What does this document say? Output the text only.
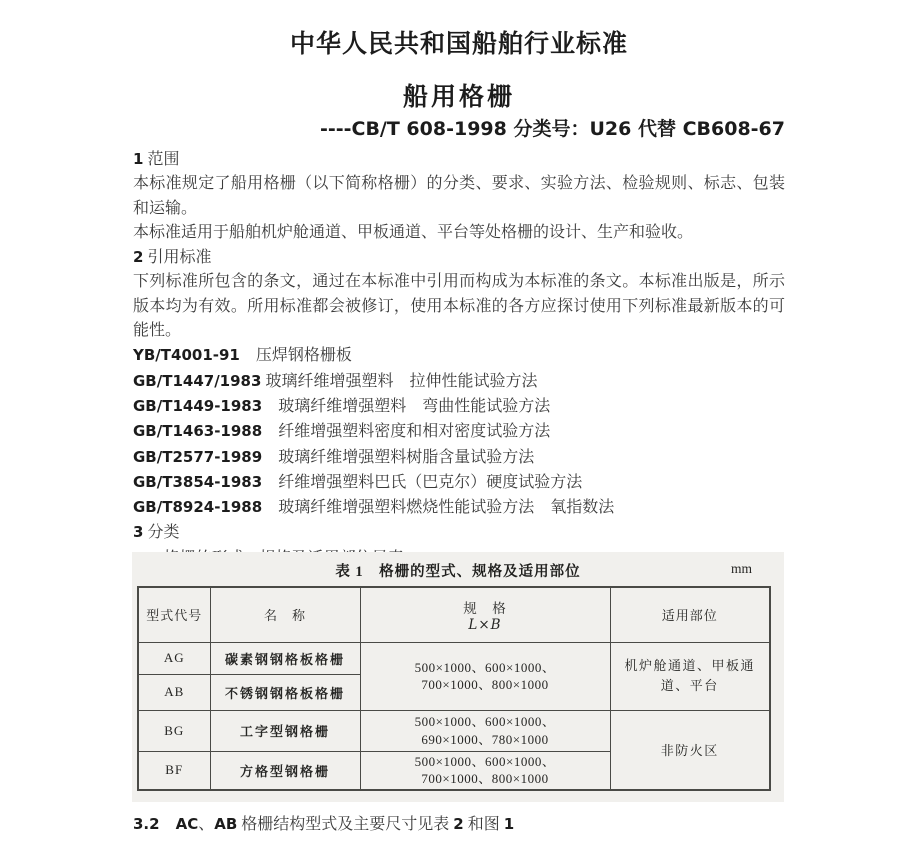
中华人民共和国船舶行业标准
船用格栅
----CB/T 608-1998 分类号：U26 代替 CB608-67
1 范围
本标准规定了船用格栅（以下简称格栅）的分类、要求、实验方法、检验规则、标志、包装和运输。
本标准适用于船舶机炉舱通道、甲板通道、平台等处格栅的设计、生产和验收。
2 引用标准
下列标准所包含的条文，通过在本标准中引用而构成为本标准的条文。本标准出版是，所示版本均为有效。所用标准都会被修订，使用本标准的各方应探讨使用下列标准最新版本的可能性。
YB/T4001-91　压焊钢格栅板
GB/T1447/1983 玻璃纤维增强塑料　拉伸性能试验方法
GB/T1449-1983　玻璃纤维增强塑料　弯曲性能试验方法
GB/T1463-1988　纤维增强塑料密度和相对密度试验方法
GB/T2577-1989　玻璃纤维增强塑料树脂含量试验方法
GB/T3854-1983　纤维增强塑料巴氏（巴克尔）硬度试验方法
GB/T8924-1988　玻璃纤维增强塑料燃烧性能试验方法　氧指数法
3 分类
表 1　格栅的型式、规格及适用部位	mm
型式代号	名　称	规　格
L×B	适用部位
AG	碳素钢钢格板格栅	500×1000、600×1000、
700×1000、800×1000	机炉舱通道、甲板通道、平台
AB	不锈钢钢格板格栅		
BG	工字型钢格栅	500×1000、600×1000、
690×1000、780×1000	非防火区
BF	方格型钢格栅	500×1000、600×1000、
700×1000、800×1000	
3.2　 AC、AB 格栅结构型式及主要尺寸见表 2 和图 1
